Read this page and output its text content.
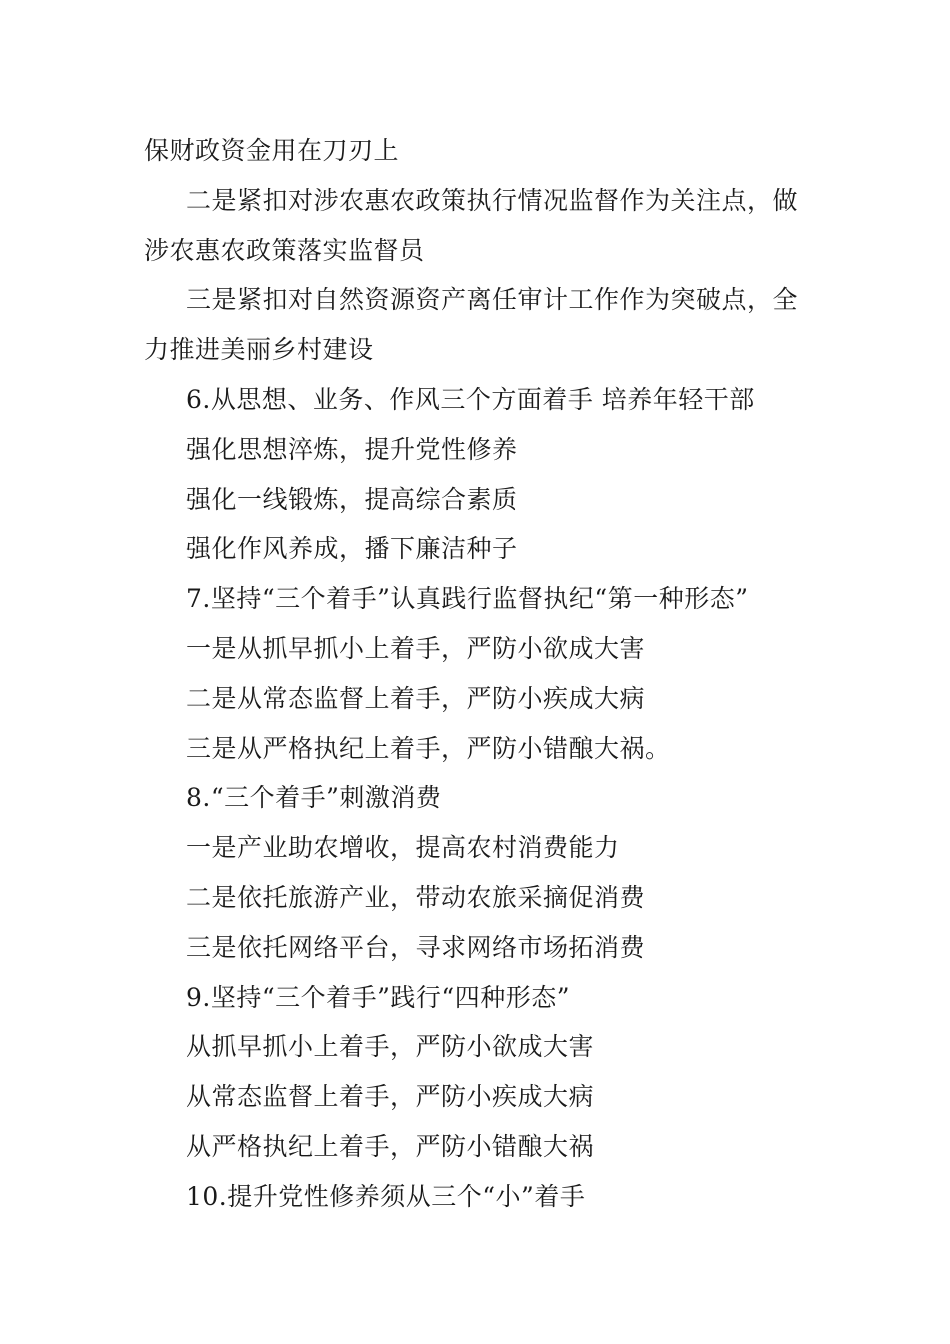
保财政资金用在刀刃上
二是紧扣对涉农惠农政策执行情况监督作为关注点，做
涉农惠农政策落实监督员
三是紧扣对自然资源资产离任审计工作作为突破点，全
力推进美丽乡村建设
6.从思想、业务、作风三个方面着手 培养年轻干部
强化思想淬炼，提升党性修养
强化一线锻炼，提高综合素质
强化作风养成，播下廉洁种子
7.坚持“三个着手”认真践行监督执纪“第一种形态”
一是从抓早抓小上着手，严防小欲成大害
二是从常态监督上着手，严防小疾成大病
三是从严格执纪上着手，严防小错酿大祸。
8.“三个着手”刺激消费
一是产业助农增收，提高农村消费能力
二是依托旅游产业，带动农旅采摘促消费
三是依托网络平台，寻求网络市场拓消费
9.坚持“三个着手”践行“四种形态”
从抓早抓小上着手，严防小欲成大害
从常态监督上着手，严防小疾成大病
从严格执纪上着手，严防小错酿大祸
10.提升党性修养须从三个“小”着手
